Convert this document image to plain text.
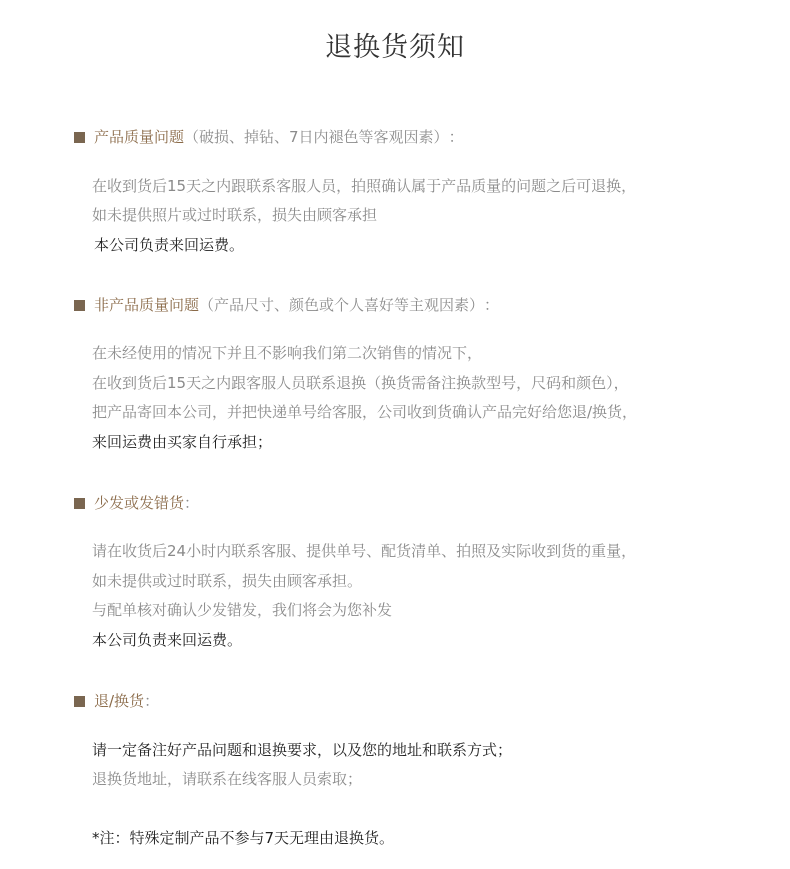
退换货须知
产品质量问题 （破损、掉钻、7日内褪色等客观因素） ：
在收到货后15天之内跟联系客服人员，拍照确认属于产品质量的问题之后可退换，
如未提供照片或过时联系，损失由顾客承担
本公司负责来回运费。
非产品质量问题 （产品尺寸、颜色或个人喜好等主观因素） ：
在未经使用的情况下并且不影响我们第二次销售的情况下，
在收到货后15天之内跟客服人员联系退换（换货需备注换款型号，尺码和颜色），
把产品寄回本公司，并把快递单号给客服，公司收到货确认产品完好给您退/换货，
来回运费由买家自行承担；
少发或发错货 ：
请在收货后24小时内联系客服、提供单号、配货清单、拍照及实际收到货的重量，
如未提供或过时联系，损失由顾客承担。
与配单核对确认少发错发，我们将会为您补发
本公司负责来回运费。
退/换货 ：
请一定备注好产品问题和退换要求，以及您的地址和联系方式；
退换货地址，请联系在线客服人员索取；
*注：特殊定制产品不参与7天无理由退换货。
